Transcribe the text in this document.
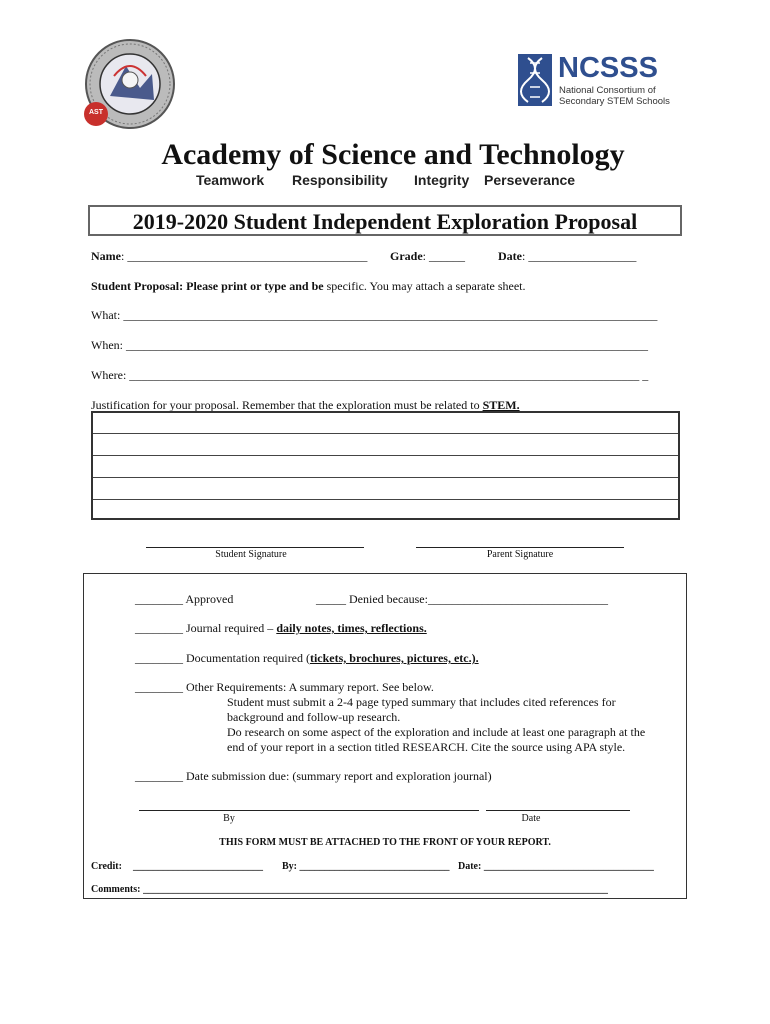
AST
NCSSS
National Consortium of
Secondary STEM Schools
Academy of Science and Technology
Teamwork Responsibility Integrity Perseverance
2019-2020 Student Independent Exploration Proposal
Name: ________________________________________ Grade: ______	Date: __________________
Student Proposal: Please print or type and be specific. You may attach a separate sheet.
What: _________________________________________________________________________________________
When: _______________________________________________________________________________________
Where: _____________________________________________________________________________________ _
Justification for your proposal. Remember that the exploration must be related to STEM.
Student Signature	Parent Signature
________ Approved	_____ Denied because:______________________________
________ Journal required – daily notes, times, reflections.
________ Documentation required (tickets, brochures, pictures, etc.).
________ Other Requirements: A summary report. See below.
Student must submit a 2-4 page typed summary that includes cited references for
background and follow-up research.
Do research on some aspect of the exploration and include at least one paragraph at the
end of your report in a section titled RESEARCH. Cite the source using APA style.
________ Date submission due: (summary report and exploration journal)
By	Date
THIS FORM MUST BE ATTACHED TO THE FRONT OF YOUR REPORT.
Credit: __________________________ By: ______________________________ Date: __________________________________
Comments: _____________________________________________________________________________________________
